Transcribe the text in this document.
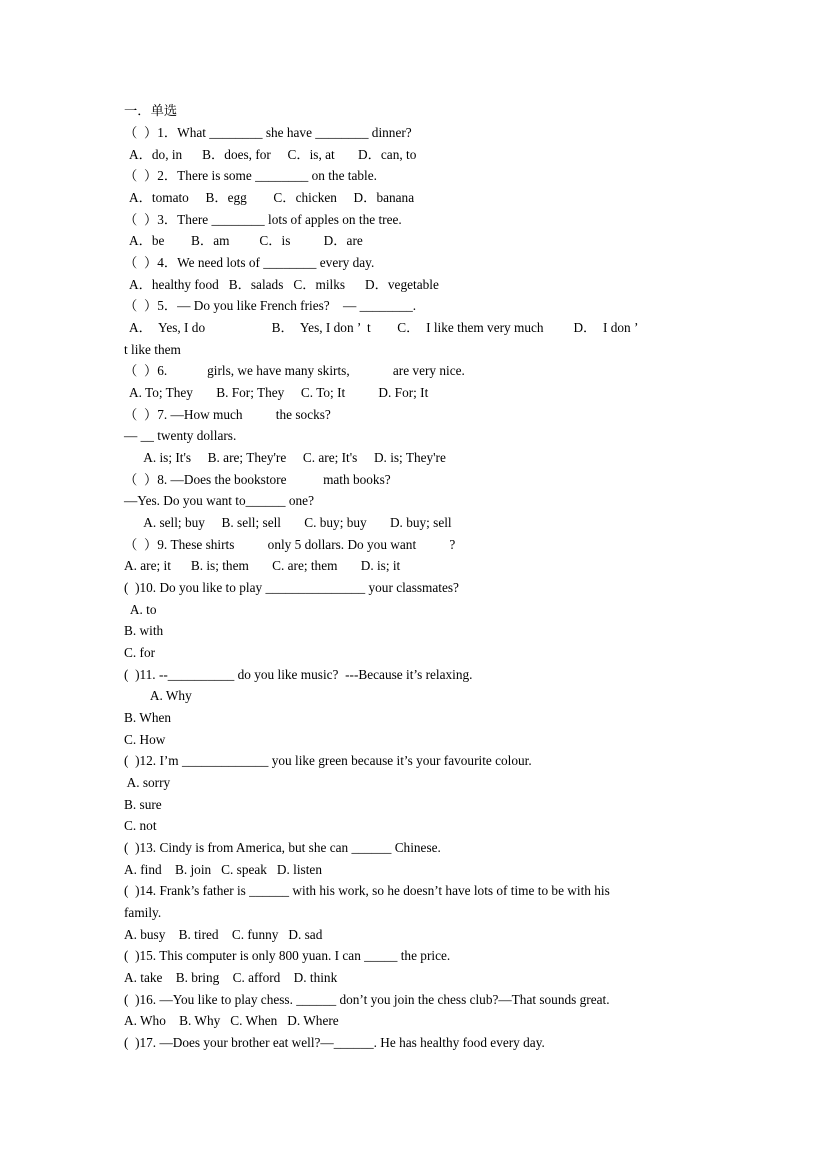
一．单选
（  ）1．What ________ she have ________ dinner?
A．do, in      B．does, for     C．is, at       D．can, to
（  ）2．There is some ________ on the table.
A．tomato     B．egg        C．chicken     D．banana
（  ）3．There ________ lots of apples on the tree.
A．be        B．am         C．is          D．are
（  ）4．We need lots of ________ every day.
A．healthy food   B．salads   C．milks      D．vegetable
（  ）5．— Do you like French fries?    — ________.
A．  Yes, I do                    B．  Yes, I don ’  t        C．  I like them very much         D．  I don ’
t like them
（  ）6.            girls, we have many skirts,             are very nice.
A. To; They       B. For; They     C. To; It          D. For; It
（  ）7. —How much          the socks?
— __ twenty dollars.
A. is; It's     B. are; They're     C. are; It's     D. is; They're
（  ）8. —Does the bookstore           math books?
—Yes. Do you want to______ one?
A. sell; buy     B. sell; sell       C. buy; buy       D. buy; sell
（  ）9. These shirts          only 5 dollars. Do you want          ?
A. are; it      B. is; them       C. are; them       D. is; it
(  )10. Do you like to play _______________ your classmates?
A. to
B. with
C. for
(  )11. --__________ do you like music?  ---Because it’s relaxing.
A. Why
B. When
C. How
(  )12. I’m _____________ you like green because it’s your favourite colour.
A. sorry
B. sure
C. not
(  )13. Cindy is from America, but she can ______ Chinese.
A. find    B. join   C. speak   D. listen
(  )14. Frank’s father is ______ with his work, so he doesn’t have lots of time to be with his
family.
A. busy    B. tired    C. funny   D. sad
(  )15. This computer is only 800 yuan. I can _____ the price.
A. take    B. bring    C. afford    D. think
(  )16. —You like to play chess. ______ don’t you join the chess club?—That sounds great.
A. Who    B. Why   C. When   D. Where
(  )17. —Does your brother eat well?—______. He has healthy food every day.
